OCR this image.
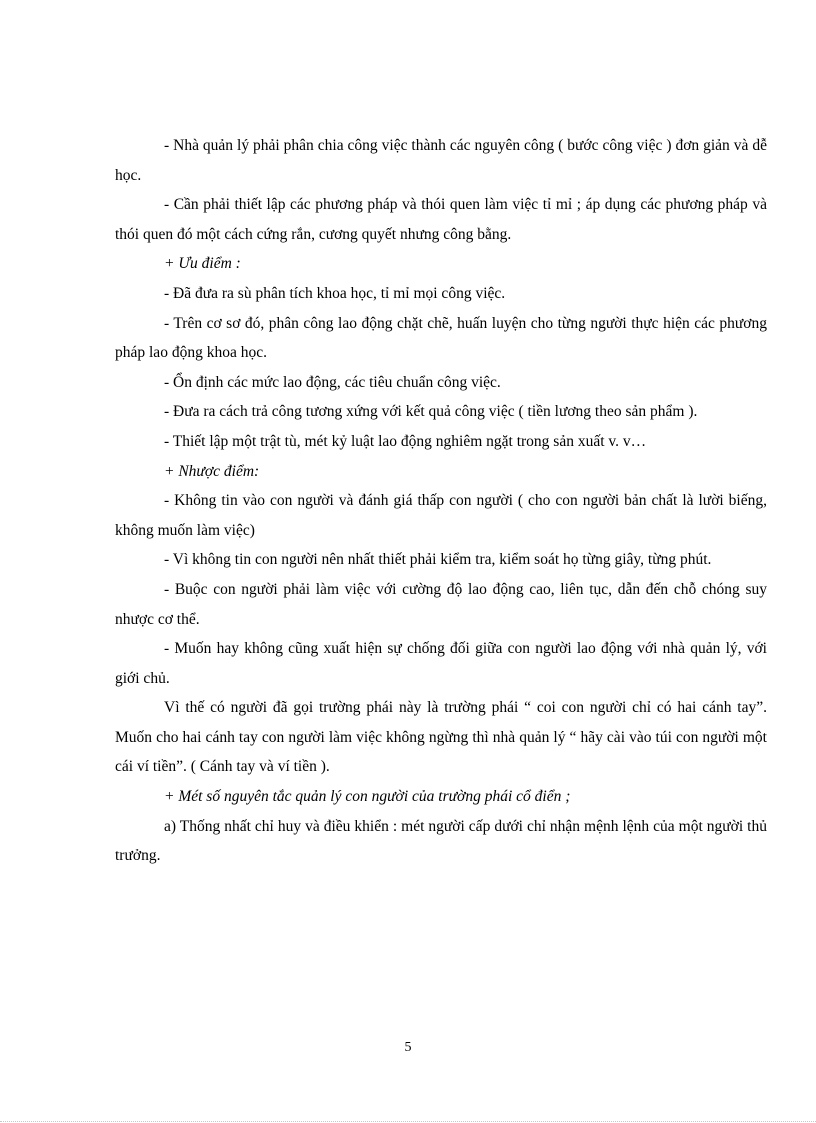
- Nhà quản lý phải phân chia công việc thành các nguyên công ( bước công việc ) đơn giản và dễ học.

- Cần phải thiết lập các phương pháp và thói quen làm việc tỉ mỉ ; áp dụng các phương pháp và thói quen đó một cách cứng rắn, cương quyết nhưng công bằng.

+ Ưu điểm :

- Đã đưa ra sù phân tích khoa học, tỉ mỉ mọi công việc.

- Trên cơ sơ đó, phân công lao động chặt chẽ, huấn luyện cho từng người thực hiện các phương pháp lao động khoa học.

- Ổn định các mức lao động, các tiêu chuẩn công việc.

- Đưa ra cách trả công tương xứng với kết quả công việc ( tiền lương theo sản phẩm ).

- Thiết lập một trật tù, mét kỷ luật lao động nghiêm ngặt trong sản xuất v. v…

+ Nhược điểm:

- Không tin vào con người và đánh giá thấp con người ( cho con người bản chất là lười biếng, không muốn làm việc)

- Vì không tin con người nên nhất thiết phải kiểm tra, kiểm soát họ từng giây, từng phút.

- Buộc con người phải làm việc với cường độ lao động cao, liên tục, dẫn đến chỗ chóng suy nhược cơ thể.

- Muốn hay không cũng xuất hiện sự chống đối giữa con người lao động với nhà quản lý, với giới chủ.

Vì thế có người đã gọi trường phái này là trường phái “ coi con người chỉ có hai cánh tay”. Muốn cho hai cánh tay con người làm việc không ngừng thì nhà quản lý “ hãy cài vào túi con người một cái ví tiền”. ( Cánh tay và ví tiền ).

+ Mét số nguyên tắc quản lý con người của trường phái cổ điển ;

a) Thống nhất chỉ huy và điều khiển : mét người cấp dưới chỉ nhận mệnh lệnh của một người thủ trưởng.

5
